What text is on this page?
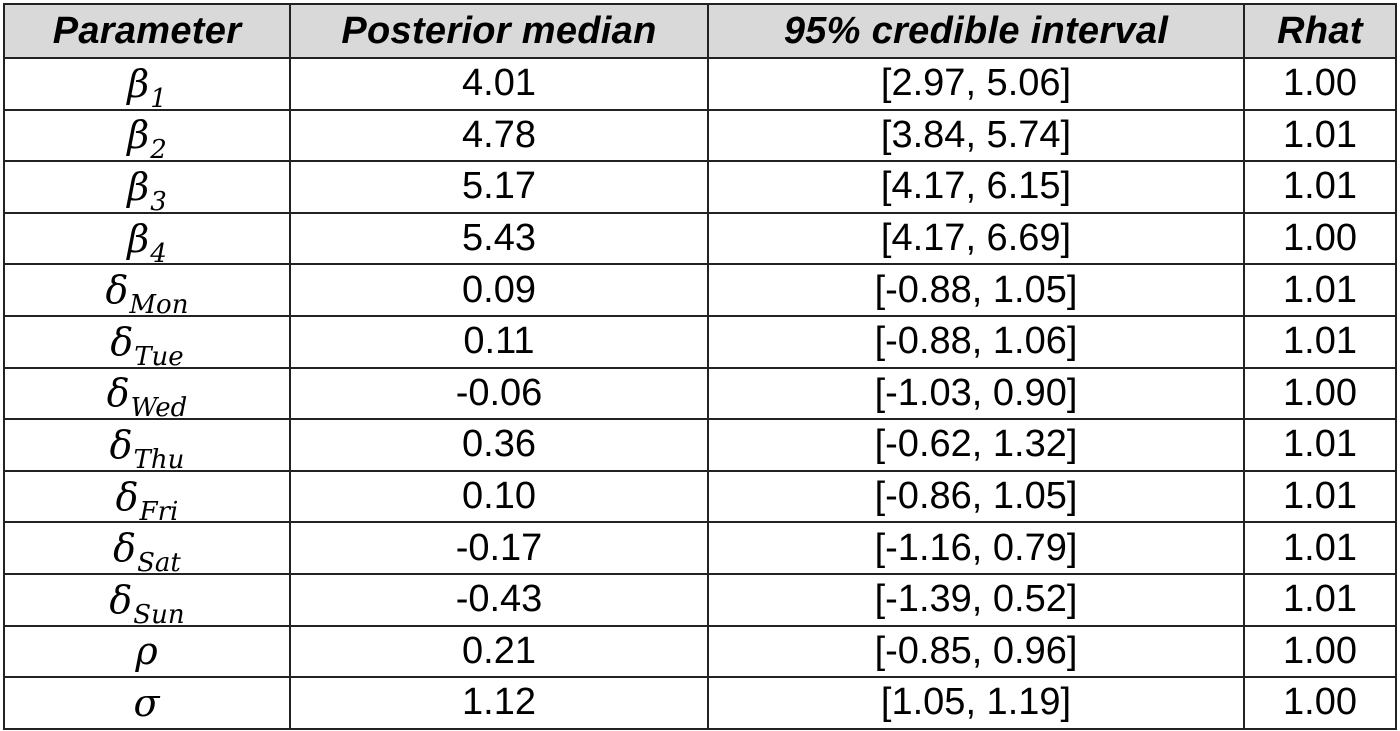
Parameter	Posterior median	95% credible interval	Rhat
$\beta_1$	4.01	[2.97, 5.06]	1.00
$\beta_2$	4.78	[3.84, 5.74]	1.01
$\beta_3$	5.17	[4.17, 6.15]	1.01
$\beta_4$	5.43	[4.17, 6.69]	1.00
$\delta_{Mon}$	0.09	[-0.88, 1.05]	1.01
$\delta_{Tue}$	0.11	[-0.88, 1.06]	1.01
$\delta_{Wed}$	-0.06	[-1.03, 0.90]	1.00
$\delta_{Thu}$	0.36	[-0.62, 1.32]	1.01
$\delta_{Fri}$	0.10	[-0.86, 1.05]	1.01
$\delta_{Sat}$	-0.17	[-1.16, 0.79]	1.01
$\delta_{Sun}$	-0.43	[-1.39, 0.52]	1.01
ρ	0.21	[-0.85, 0.96]	1.00
σ	1.12	[1.05, 1.19]	1.00
